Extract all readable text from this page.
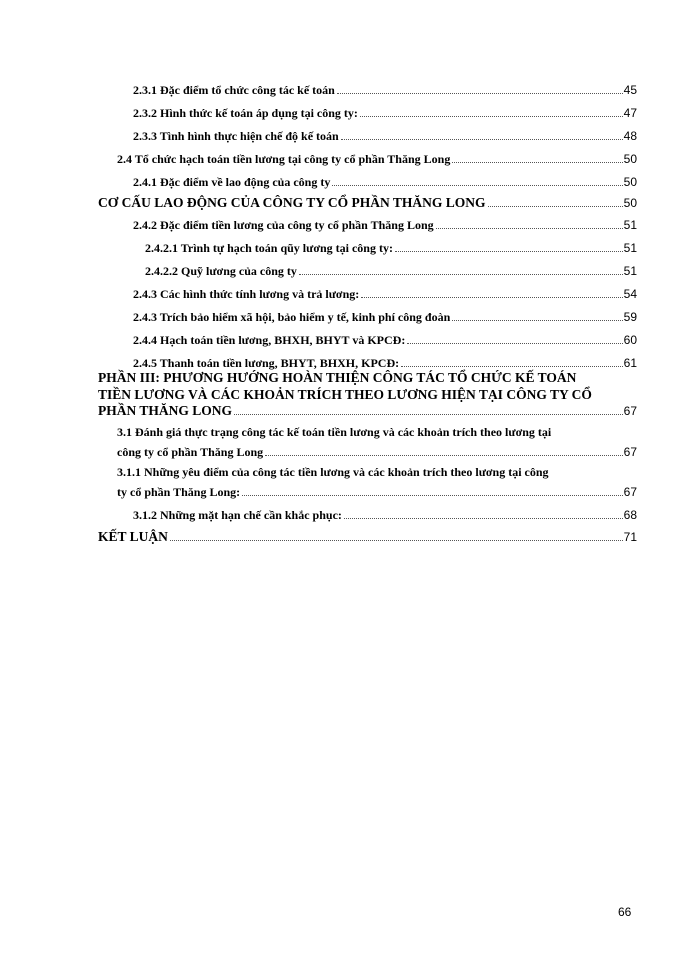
2.3.1 Đặc điểm tổ chức công tác kế toán	45
2.3.2 Hình thức kế toán áp dụng tại công ty:	47
2.3.3 Tình hình thực hiện chế độ kế toán	48
2.4 Tổ chức hạch toán tiền lương tại công ty cổ phần Thăng Long	50
2.4.1 Đặc điểm về lao động của công ty	50
CƠ CẤU LAO ĐỘNG CỦA CÔNG TY CỔ PHẦN THĂNG LONG	50
2.4.2 Đặc điểm tiền lương của công ty cổ phần Thăng Long	51
2.4.2.1 Trình tự hạch toán qũy lương tại công ty:	51
2.4.2.2 Quỹ lương của công ty	51
2.4.3 Các hình thức tính lương và trả lương:	54
2.4.3 Trích bảo hiểm xã hội, bảo hiểm y tế, kinh phí công đoàn	59
2.4.4 Hạch toán tiền lương, BHXH, BHYT và KPCĐ:	60
2.4.5 Thanh toán tiền lương, BHYT, BHXH, KPCĐ:	61
PHẦN III: PHƯƠNG HƯỚNG HOÀN THIỆN CÔNG TÁC TỔ CHỨC KẾ TOÁN
TIỀN LƯƠNG VÀ CÁC KHOẢN TRÍCH THEO LƯƠNG HIỆN TẠI CÔNG TY CỔ
PHẦN THĂNG LONG	67
3.1 Đánh giá thực trạng công tác kế toán tiền lương và các khoản trích theo lương tại
công ty cổ phần Thăng Long	67
3.1.1 Những yêu điểm của công tác tiền lương và các khoản trích theo lương tại công
ty cổ phần Thăng Long:	67
3.1.2 Những mặt hạn chế cần khắc phục:	68
KẾT LUẬN	71
66
